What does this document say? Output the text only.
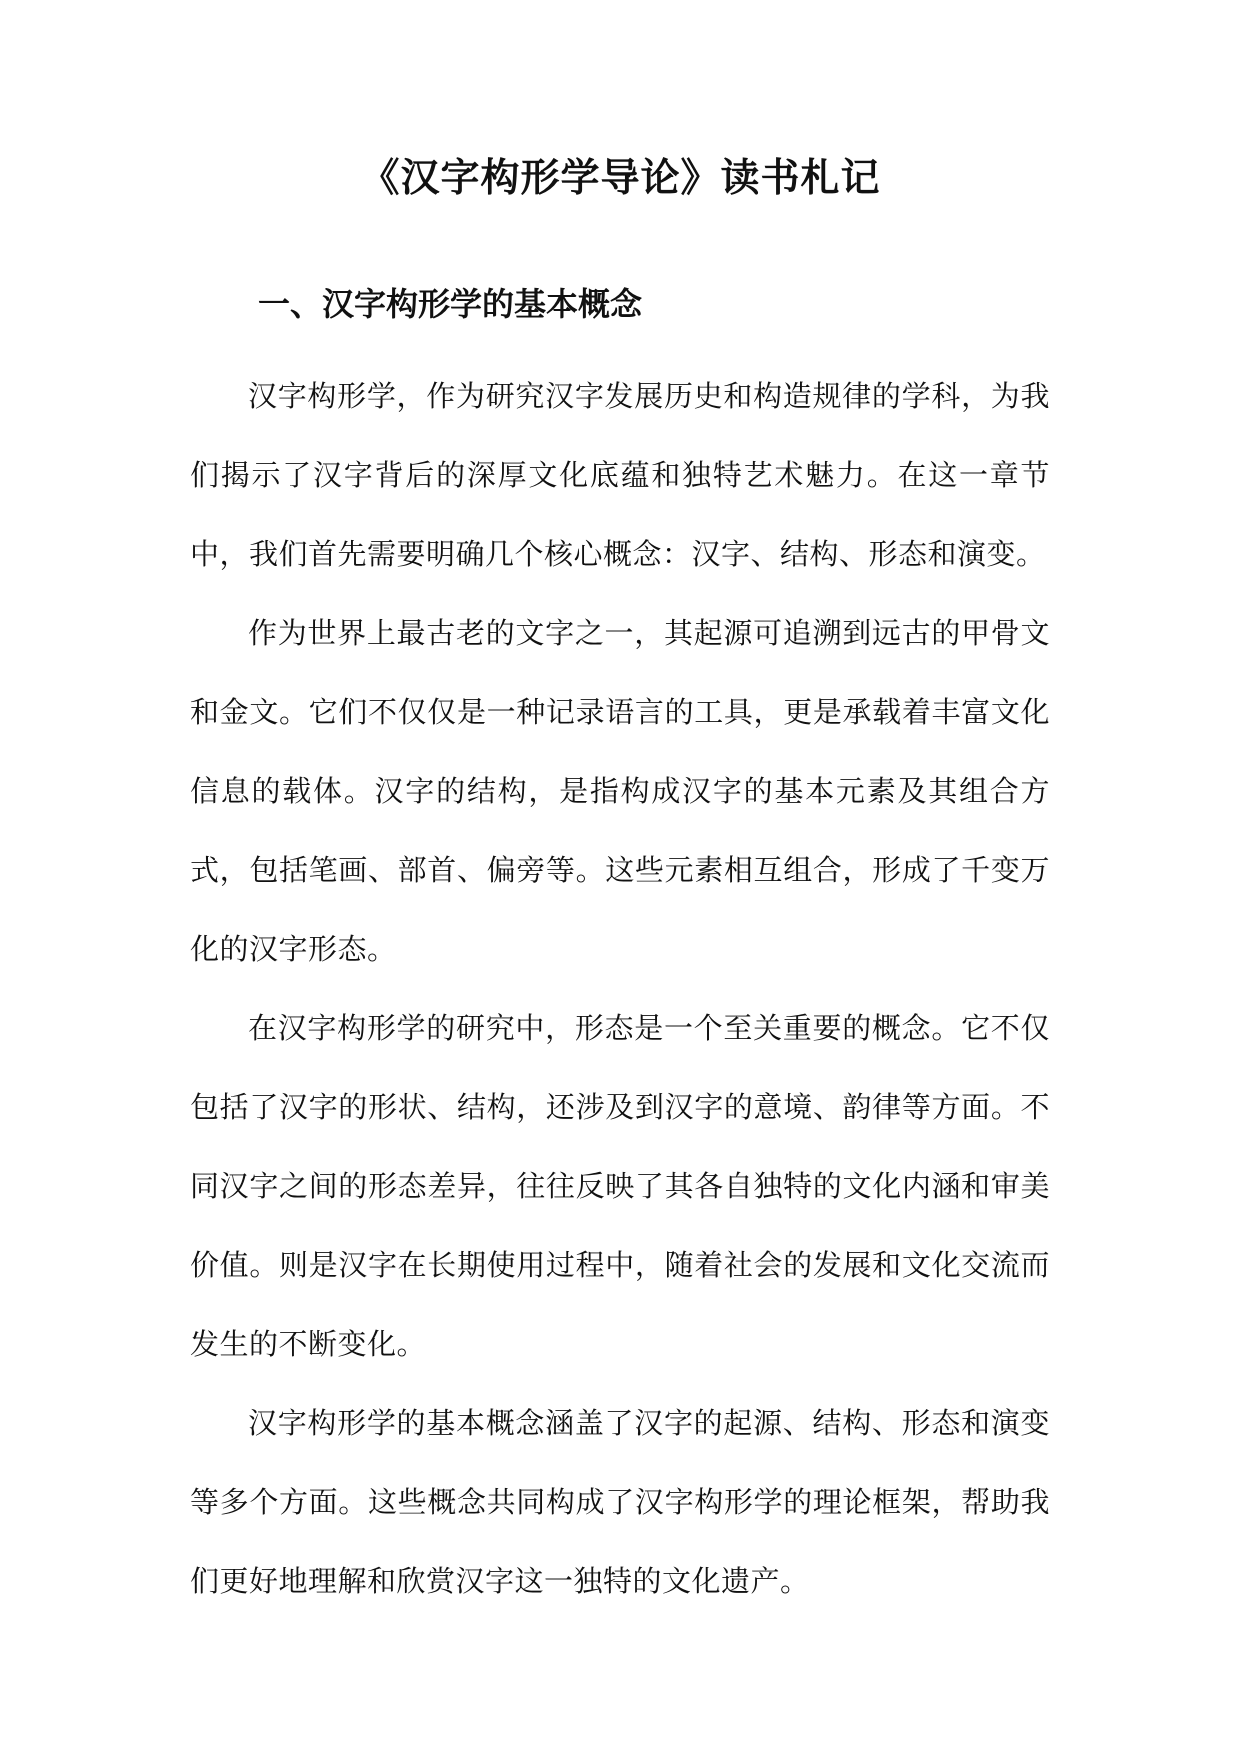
《汉字构形学导论》读书札记
一、汉字构形学的基本概念

汉字构形学，作为研究汉字发展历史和构造规律的学科，为我们揭示了汉字背后的深厚文化底蕴和独特艺术魅力。在这一章节中，我们首先需要明确几个核心概念：汉字、结构、形态和演变。

作为世界上最古老的文字之一，其起源可追溯到远古的甲骨文和金文。它们不仅仅是一种记录语言的工具，更是承载着丰富文化信息的载体。汉字的结构，是指构成汉字的基本元素及其组合方式，包括笔画、部首、偏旁等。这些元素相互组合，形成了千变万化的汉字形态。

在汉字构形学的研究中，形态是一个至关重要的概念。它不仅包括了汉字的形状、结构，还涉及到汉字的意境、韵律等方面。不同汉字之间的形态差异，往往反映了其各自独特的文化内涵和审美价值。则是汉字在长期使用过程中，随着社会的发展和文化交流而发生的不断变化。

汉字构形学的基本概念涵盖了汉字的起源、结构、形态和演变等多个方面。这些概念共同构成了汉字构形学的理论框架，帮助我们更好地理解和欣赏汉字这一独特的文化遗产。
